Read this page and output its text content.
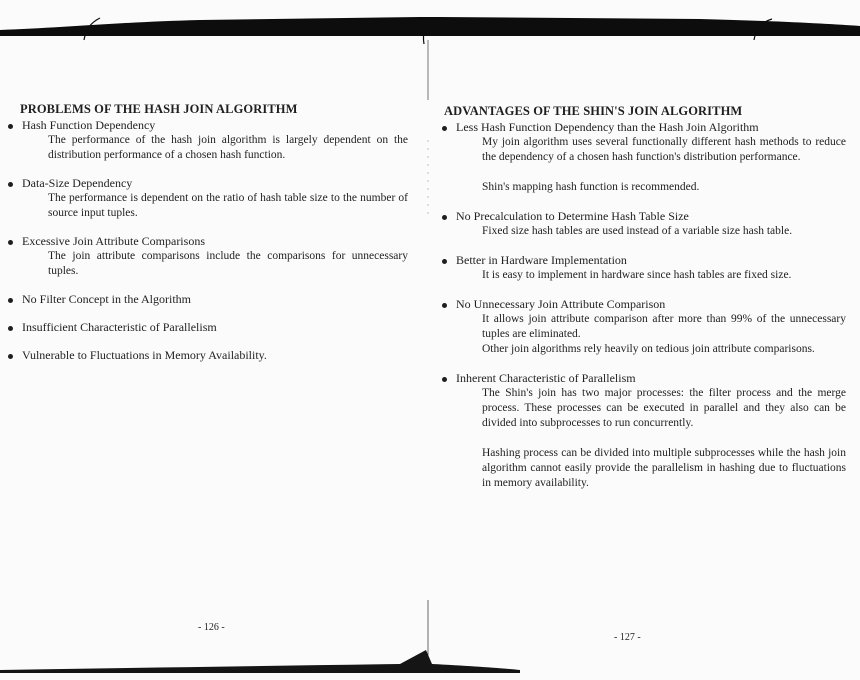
PROBLEMS OF THE HASH JOIN ALGORITHM
Hash Function Dependency
The performance of the hash join algorithm is largely dependent on the distribution performance of a chosen hash function.
Data-Size Dependency
The performance is dependent on the ratio of hash table size to the number of source input tuples.
Excessive Join Attribute Comparisons
The join attribute comparisons include the comparisons for unnecessary tuples.
No Filter Concept in the Algorithm
Insufficient Characteristic of Parallelism
Vulnerable to Fluctuations in Memory Availability.
- 126 -
ADVANTAGES OF THE SHIN'S JOIN ALGORITHM
Less Hash Function Dependency than the Hash Join Algorithm
My join algorithm uses several functionally different hash methods to reduce the dependency of a chosen hash function's distribution performance.
Shin's mapping hash function is recommended.
No Precalculation to Determine Hash Table Size
Fixed size hash tables are used instead of a variable size hash table.
Better in Hardware Implementation
It is easy to implement in hardware since hash tables are fixed size.
No Unnecessary Join Attribute Comparison
It allows join attribute comparison after more than 99% of the unnecessary tuples are eliminated.
Other join algorithms rely heavily on tedious join attribute comparisons.
Inherent Characteristic of Parallelism
The Shin's join has two major processes: the filter process and the merge process. These processes can be executed in parallel and they also can be divided into subprocesses to run concurrently.
Hashing process can be divided into multiple subprocesses while the hash join algorithm cannot easily provide the parallelism in hashing due to fluctuations in memory availability.
- 127 -
